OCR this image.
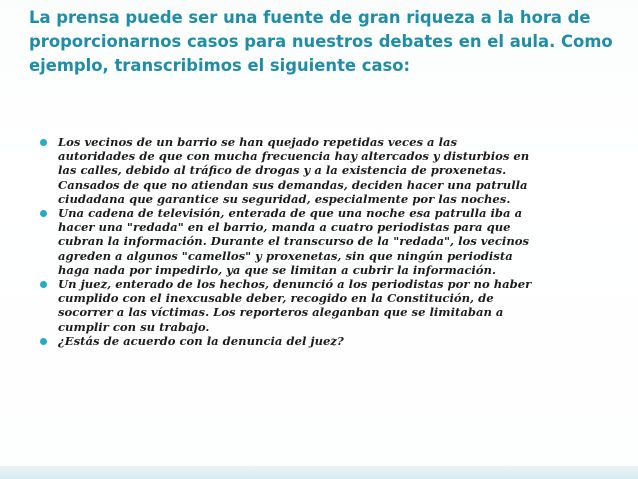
La prensa puede ser una fuente de gran riqueza a la hora de
proporcionarnos casos para nuestros debates en el aula. Como
ejemplo, transcribimos el siguiente caso:
Los vecinos de un barrio se han quejado repetidas veces a las
autoridades de que con mucha frecuencia hay altercados y disturbios en
las calles, debido al tráfico de drogas y a la existencia de proxenetas.
Cansados de que no atiendan sus demandas, deciden hacer una patrulla
ciudadana que garantice su seguridad, especialmente por las noches.
Una cadena de televisión, enterada de que una noche esa patrulla iba a
hacer una "redada" en el barrio, manda a cuatro periodistas para que
cubran la información. Durante el transcurso de la "redada", los vecinos
agreden a algunos "camellos" y proxenetas, sin que ningún periodista
haga nada por impedirlo, ya que se limitan a cubrir la información.
Un juez, enterado de los hechos, denunció a los periodistas por no haber
cumplido con el inexcusable deber, recogido en la Constitución, de
socorrer a las víctimas. Los reporteros aleganban que se limitaban a
cumplir con su trabajo.
¿Estás de acuerdo con la denuncia del juez?
